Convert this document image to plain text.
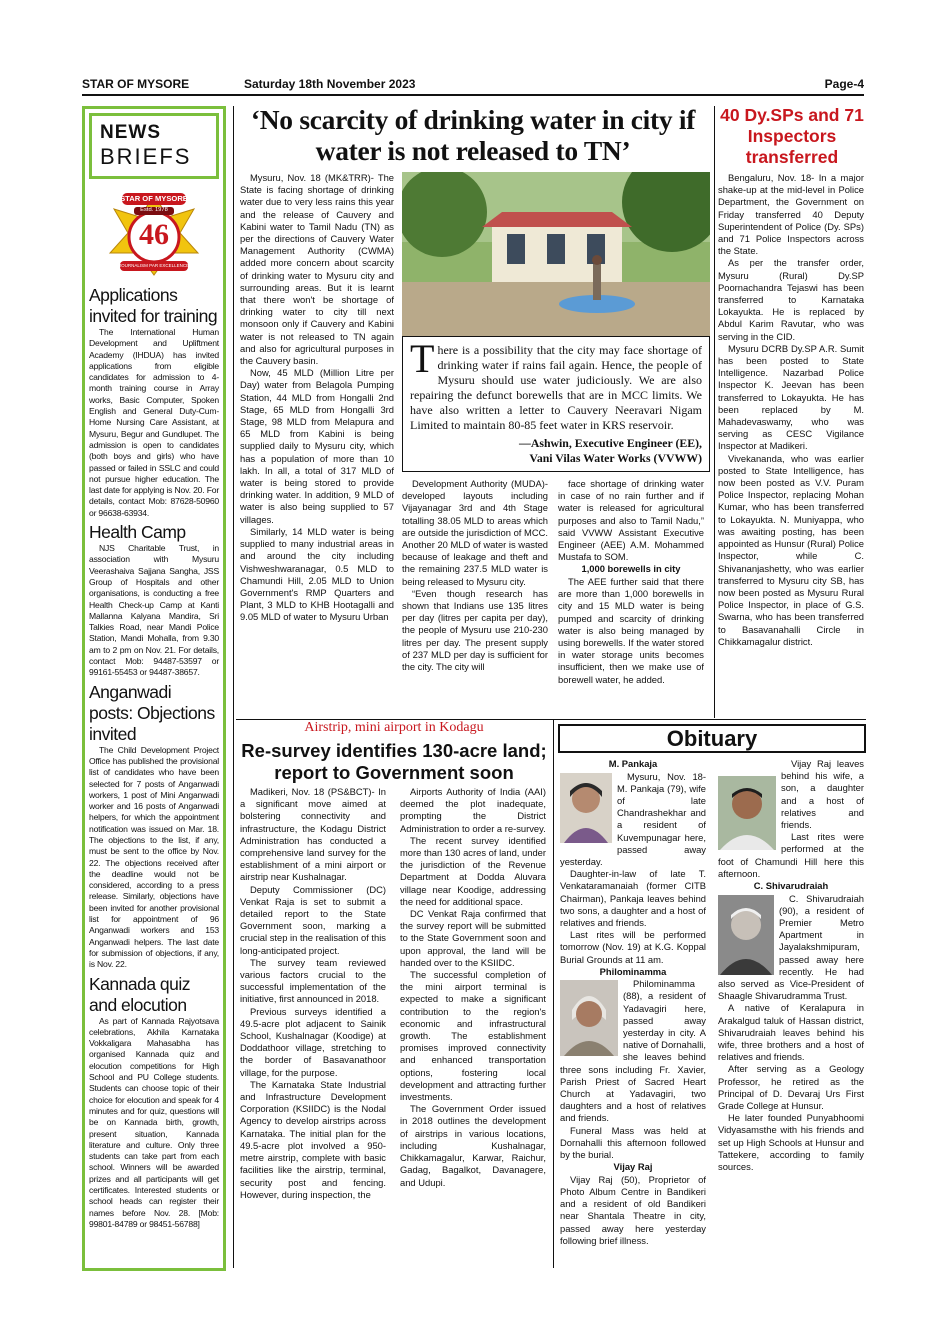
STAR OF MYSORE	Saturday 18th November 2023	Page-4
NEWS
BRIEFS
STAR OF MYSORE
Estd. 1978
46
JOURNALISM PAR EXCELLENCE
Applications invited for training

The International Human Development and Upliftment Academy (IHDUA) has invited applications from eligible candidates for admission to 4-month training course in Array works, Basic Computer, Spoken English and General Duty-Cum-Home Nursing Care Assistant, at Mysuru, Begur and Gundlupet. The admission is open to candidates (both boys and girls) who have passed or failed in SSLC and could not pursue higher education. The last date for applying is Nov. 20. For details, contact Mob: 87628-50960 or 96638-63934.

Health Camp

NJS Charitable Trust, in association with Mysuru Veerashaiva Sajjana Sangha, JSS Group of Hospitals and other organisations, is conducting a free Health Check-up Camp at Kanti Mallanna Kalyana Mandira, Sri Talkies Road, near Mandi Police Station, Mandi Mohalla, from 9.30 am to 2 pm on Nov. 21. For details, contact Mob: 94487-53597 or 99161-55453 or 94487-38657.

Anganwadi posts: Objections invited

The Child Development Project Office has published the provisional list of candidates who have been selected for 7 posts of Anganwadi workers, 1 post of Mini Anganwadi worker and 16 posts of Anganwadi helpers, for which the appointment notification was issued on Mar. 18. The objections to the list, if any, must be sent to the office by Nov. 22. The objections received after the deadline would not be considered, according to a press release. Similarly, objections have been invited for another provisional list for appointment of 96 Anganwadi workers and 153 Anganwadi helpers. The last date for submission of objections, if any, is Nov. 22.

Kannada quiz and elocution

As part of Kannada Rajyotsava celebrations, Akhila Karnataka Vokkaligara Mahasabha has organised Kannada quiz and elocution competitions for High School and PU College students. Students can choose topic of their choice for elocution and speak for 4 minutes and for quiz, questions will be on Kannada birth, growth, present situation, Kannada literature and culture. Only three students can take part from each school. Winners will be awarded prizes and all participants will get certificates. Interested students or school heads can register their names before Nov. 28. [Mob: 99801-84789 or 98451-56788]

‘No scarcity of drinking water in city if water is not released to TN’

Mysuru, Nov. 18 (MK&TRR)- The State is facing shortage of drinking water due to very less rains this year and the release of Cauvery and Kabini water to Tamil Nadu (TN) as per the directions of Cauvery Water Management Authority (CWMA) added more concern about scarcity of drinking water to Mysuru city and surrounding areas. But it is learnt that there won't be shortage of drinking water to city till next monsoon only if Cauvery and Kabini water is not released to TN again and also for agricultural purposes in the Cauvery basin.

Now, 45 MLD (Million Litre per Day) water from Belagola Pumping Station, 44 MLD from Hongalli 2nd Stage, 65 MLD from Hongalli 3rd Stage, 98 MLD from Melapura and 65 MLD from Kabini is being supplied daily to Mysuru city, which has a population of more than 10 lakh. In all, a total of 317 MLD of water is being stored to provide drinking water. In addition, 9 MLD of water is also being supplied to 57 villages.

Similarly, 14 MLD water is being supplied to many industrial areas in and around the city including Vishweshwaranagar, 0.5 MLD to Chamundi Hill, 2.05 MLD to Union Government's RMP Quarters and Plant, 3 MLD to KHB Hootagalli and 9.05 MLD of water to Mysuru Urban

There is a possibility that the city may face shortage of drinking water if rains fail again. Hence, the people of Mysuru should use water judiciously. We are also repairing the defunct borewells that are in MCC limits. We have also written a letter to Cauvery Neeravari Nigam Limited to maintain 80-85 feet water in KRS reservoir.
—Ashwin, Executive Engineer (EE),
Vani Vilas Water Works (VVWW)

Development Authority (MUDA)-developed layouts including Vijayanagar 3rd and 4th Stage totalling 38.05 MLD to areas which are outside the jurisdiction of MCC. Another 20 MLD of water is wasted because of leakage and theft and the remaining 237.5 MLD water is being released to Mysuru city.

“Even though research has shown that Indians use 135 litres per day (litres per capita per day), the people of Mysuru use 210-230 litres per day. The present supply of 237 MLD per day is sufficient for the city. The city will

face shortage of drinking water in case of no rain further and if water is released for agricultural purposes and also to Tamil Nadu,” said VVWW Assistant Executive Engineer (AEE) A.M. Mohammed Mustafa to SOM.

1,000 borewells in city

The AEE further said that there are more than 1,000 borewells in city and 15 MLD water is being pumped and scarcity of drinking water is also being managed by using borewells. If the water stored in water storage units becomes insufficient, then we make use of borewell water, he added.

40 Dy.SPs and 71 Inspectors transferred

Bengaluru, Nov. 18- In a major shake-up at the mid-level in Police Department, the Government on Friday transferred 40 Deputy Superintendent of Police (Dy. SPs) and 71 Police Inspectors across the State.

As per the transfer order, Mysuru (Rural) Dy.SP Poornachandra Tejaswi has been transferred to Karnataka Lokayukta. He is replaced by Abdul Karim Ravutar, who was serving in the CID.

Mysuru DCRB Dy.SP A.R. Sumit has been posted to State Intelligence. Nazarbad Police Inspector K. Jeevan has been transferred to Lokayukta. He has been replaced by M. Mahadevaswamy, who was serving as CESC Vigilance Inspector at Madikeri.

Vivekananda, who was earlier posted to State Intelligence, has now been posted as V.V. Puram Police Inspector, replacing Mohan Kumar, who has been transferred to Lokayukta. N. Muniyappa, who was awaiting posting, has been appointed as Hunsur (Rural) Police Inspector, while C. Shivananjashetty, who was earlier transferred to Mysuru city SB, has now been posted as Mysuru Rural Police Inspector, in place of G.S. Swarna, who has been transferred to Basavanahalli Circle in Chikkamagalur district.

Airstrip, mini airport in Kodagu
Re-survey identifies 130-acre land; report to Government soon

Madikeri, Nov. 18 (PS&BCT)- In a significant move aimed at bolstering connectivity and infrastructure, the Kodagu District Administration has conducted a comprehensive land survey for the establishment of a mini airport or airstrip near Kushalnagar.

Deputy Commissioner (DC) Venkat Raja is set to submit a detailed report to the State Government soon, marking a crucial step in the realisation of this long-anticipated project.

The survey team reviewed various factors crucial to the successful implementation of the initiative, first announced in 2018.

Previous surveys identified a 49.5-acre plot adjacent to Sainik School, Kushalnagar (Koodige) at Doddathoor village, stretching to the border of Basavanathoor village, for the purpose.

The Karnataka State Industrial and Infrastructure Development Corporation (KSIIDC) is the Nodal Agency to develop airstrips across Karnataka. The initial plan for the 49.5-acre plot involved a 950-metre airstrip, complete with basic facilities like the airstrip, terminal, security post and fencing. However, during inspection, the

Airports Authority of India (AAI) deemed the plot inadequate, prompting the District Administration to order a re-survey.

The recent survey identified more than 130 acres of land, under the jurisdiction of the Revenue Department at Dodda Aluvara village near Koodige, addressing the need for additional space.

DC Venkat Raja confirmed that the survey report will be submitted to the State Government soon and upon approval, the land will be handed over to the KSIIDC.

The successful completion of the mini airport terminal is expected to make a significant contribution to the region's economic and infrastructural growth. The establishment promises improved connectivity and enhanced transportation options, fostering local development and attracting further investments.

The Government Order issued in 2018 outlines the development of airstrips in various locations, including Kushalnagar, Chikkamagalur, Karwar, Raichur, Gadag, Bagalkot, Davanagere, and Udupi.

Obituary
M. Pankaja

Mysuru, Nov. 18- M. Pankaja (79), wife of late Chandrashekhar and a resident of Kuvempunagar here, passed away yesterday.

Daughter-in-law of late T. Venkataramanaiah (former CITB Chairman), Pankaja leaves behind two sons, a daughter and a host of relatives and friends.

Last rites will be performed tomorrow (Nov. 19) at K.G. Koppal Burial Grounds at 11 am.

Philominamma

Philominamma (88), a resident of Yadavagiri here, passed away yesterday in city. A native of Dornahalli, she leaves behind three sons including Fr. Xavier, Parish Priest of Sacred Heart Church at Yadavagiri, two daughters and a host of relatives and friends.

Funeral Mass was held at Dornahalli this afternoon followed by the burial.

Vijay Raj

Vijay Raj (50), Proprietor of Photo Album Centre in Bandikeri and a resident of old Bandikeri near Shantala Theatre in city, passed away here yesterday following brief illness.

Vijay Raj leaves behind his wife, a son, a daughter and a host of relatives and friends.

Last rites were performed at the foot of Chamundi Hill here this afternoon.

C. Shivarudraiah

C. Shivarudraiah (90), a resident of Premier Metro Apartment in Jayalakshmipuram, passed away here recently. He had also served as Vice-President of Shaagle Shivarudramma Trust.

A native of Keralapura in Arakalgud taluk of Hassan district, Shivarudraiah leaves behind his wife, three brothers and a host of relatives and friends.

After serving as a Geology Professor, he retired as the Principal of D. Devaraj Urs First Grade College at Hunsur.

He later founded Punyabhoomi Vidyasamsthe with his friends and set up High Schools at Hunsur and Tattekere, according to family sources.
